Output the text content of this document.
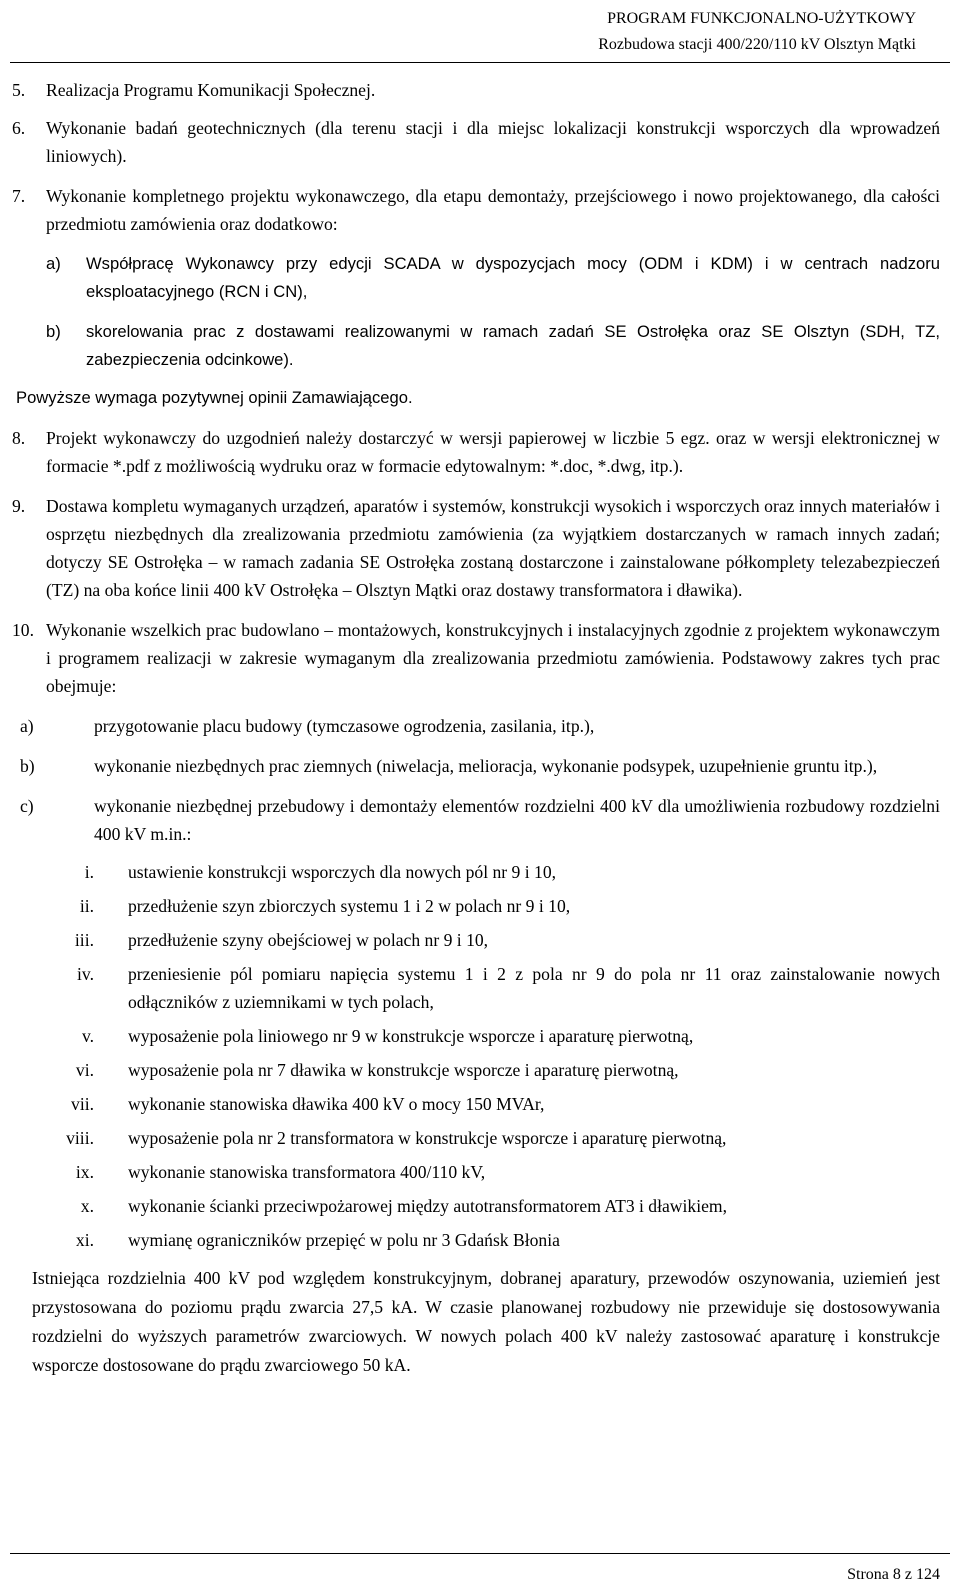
PROGRAM FUNKCJONALNO-UŻYTKOWY
Rozbudowa stacji 400/220/110 kV Olsztyn Mątki
5. Realizacja Programu Komunikacji Społecznej.
6. Wykonanie badań geotechnicznych (dla terenu stacji i dla miejsc lokalizacji konstrukcji wsporczych dla wprowadzeń liniowych).
7. Wykonanie kompletnego projektu wykonawczego, dla etapu demontaży, przejściowego i nowo projektowanego, dla całości przedmiotu zamówienia oraz dodatkowo:
a) Współpracę Wykonawcy przy edycji SCADA w dyspozycjach mocy (ODM i KDM) i w centrach nadzoru eksploatacyjnego (RCN i CN),
b) skorelowania prac z dostawami realizowanymi w ramach zadań SE Ostrołęka oraz SE Olsztyn (SDH, TZ, zabezpieczenia odcinkowe).
Powyższe wymaga pozytywnej opinii Zamawiającego.
8. Projekt wykonawczy do uzgodnień należy dostarczyć w wersji papierowej w liczbie 5 egz. oraz w wersji elektronicznej w formacie *.pdf z możliwością wydruku oraz w formacie edytowalnym: *.doc, *.dwg, itp.).
9. Dostawa kompletu wymaganych urządzeń, aparatów i systemów, konstrukcji wysokich i wsporczych oraz innych materiałów i osprzętu niezbędnych dla zrealizowania przedmiotu zamówienia (za wyjątkiem dostarczanych w ramach innych zadań; dotyczy SE Ostrołęka – w ramach zadania SE Ostrołęka zostaną dostarczone i zainstalowane półkomplety telezabezpieczeń (TZ) na oba końce linii 400 kV Ostrołęka – Olsztyn Mątki oraz dostawy transformatora i dławika).
10. Wykonanie wszelkich prac budowlano – montażowych, konstrukcyjnych i instalacyjnych zgodnie z projektem wykonawczym i programem realizacji w zakresie wymaganym dla zrealizowania przedmiotu zamówienia. Podstawowy zakres tych prac obejmuje:
a)	przygotowanie placu budowy (tymczasowe ogrodzenia, zasilania, itp.),
b)	wykonanie niezbędnych prac ziemnych (niwelacja, melioracja, wykonanie podsypek, uzupełnienie gruntu itp.),
c)	wykonanie niezbędnej przebudowy i demontaży elementów rozdzielni 400 kV dla umożliwienia rozbudowy rozdzielni 400 kV m.in.:
i. ustawienie konstrukcji wsporczych dla nowych pól nr 9 i 10,
ii. przedłużenie szyn zbiorczych systemu 1 i 2 w polach nr 9 i 10,
iii. przedłużenie szyny obejściowej w polach nr 9 i 10,
iv. przeniesienie pól pomiaru napięcia systemu 1 i 2 z pola nr 9 do pola nr 11 oraz zainstalowanie nowych odłączników z uziemnikami w tych polach,
v. wyposażenie pola liniowego nr 9 w konstrukcje wsporcze i aparaturę pierwotną,
vi. wyposażenie pola nr 7 dławika w konstrukcje wsporcze i aparaturę pierwotną,
vii. wykonanie stanowiska dławika 400 kV o mocy 150 MVAr,
viii. wyposażenie pola nr 2 transformatora w konstrukcje wsporcze i aparaturę pierwotną,
ix. wykonanie stanowiska transformatora 400/110 kV,
x. wykonanie ścianki przeciwpożarowej między autotransformatorem AT3 i dławikiem,
xi. wymianę ograniczników przepięć w polu nr 3 Gdańsk Błonia
Istniejąca rozdzielnia 400 kV pod względem konstrukcyjnym, dobranej aparatury, przewodów oszynowania, uziemień jest przystosowana do poziomu prądu zwarcia 27,5 kA. W czasie planowanej rozbudowy nie przewiduje się dostosowywania rozdzielni do wyższych parametrów zwarciowych. W nowych polach 400 kV należy zastosować aparaturę i konstrukcje wsporcze dostosowane do prądu zwarciowego 50 kA.
Strona 8 z 124
